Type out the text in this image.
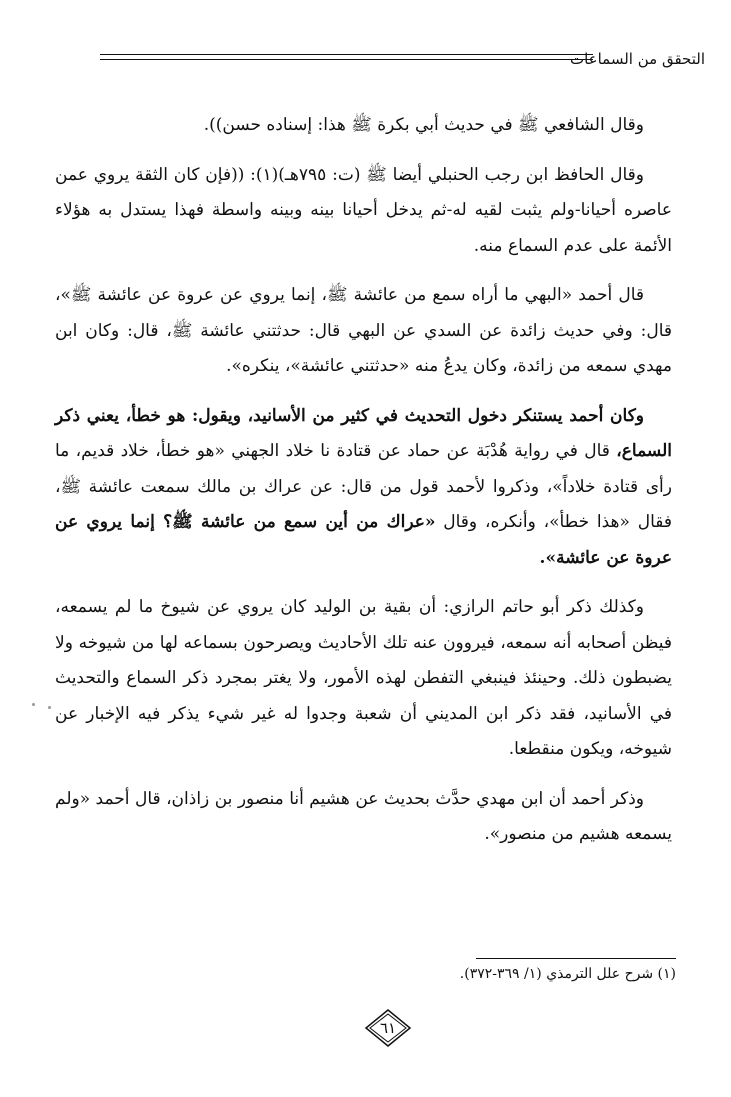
التحقق من السماعات

وقال الشافعي ﷺ في حديث أبي بكرة ﷺ هذا: إسناده حسن)).

وقال الحافظ ابن رجب الحنبلي أيضا ﷺ (ت: ٧٩٥هـ)(١): ((فإن كان الثقة يروي عمن عاصره أحيانا-ولم يثبت لقيه له-ثم يدخل أحيانا بينه وبينه واسطة فهذا يستدل به هؤلاء الأئمة على عدم السماع منه.

قال أحمد «البهي ما أراه سمع من عائشة ﷺ، إنما يروي عن عروة عن عائشة ﷺ»، قال: وفي حديث زائدة عن السدي عن البهي قال: حدثتني عائشة ﷺ، قال: وكان ابن مهدي سمعه من زائدة، وكان يدعُ منه «حدثتني عائشة»، ينكره».

وكان أحمد يستنكر دخول التحديث في كثير من الأسانيد، ويقول: هو خطأ، يعني ذكر السماع، قال في رواية هُدْبَة عن حماد عن قتادة نا خلاد الجهني «هو خطأ، خلاد قديم، ما رأى قتادة خلاداً»، وذكروا لأحمد قول من قال: عن عراك بن مالك سمعت عائشة ﷺ، فقال «هذا خطأ»، وأنكره، وقال «عراك من أين سمع من عائشة ﷺ؟ إنما يروي عن عروة عن عائشة».

وكذلك ذكر أبو حاتم الرازي: أن بقية بن الوليد كان يروي عن شيوخ ما لم يسمعه، فيظن أصحابه أنه سمعه، فيروون عنه تلك الأحاديث ويصرحون بسماعه لها من شيوخه ولا يضبطون ذلك. وحينئذ فينبغي التفطن لهذه الأمور، ولا يغتر بمجرد ذكر السماع والتحديث في الأسانيد، فقد ذكر ابن المديني أن شعبة وجدوا له غير شيء يذكر فيه الإخبار عن شيوخه، ويكون منقطعا.

وذكر أحمد أن ابن مهدي حدَّث بحديث عن هشيم أنا منصور بن زاذان، قال أحمد «ولم يسمعه هشيم من منصور».

(١) شرح علل الترمذي (١/ ٣٦٩-٣٧٢).
٦١
